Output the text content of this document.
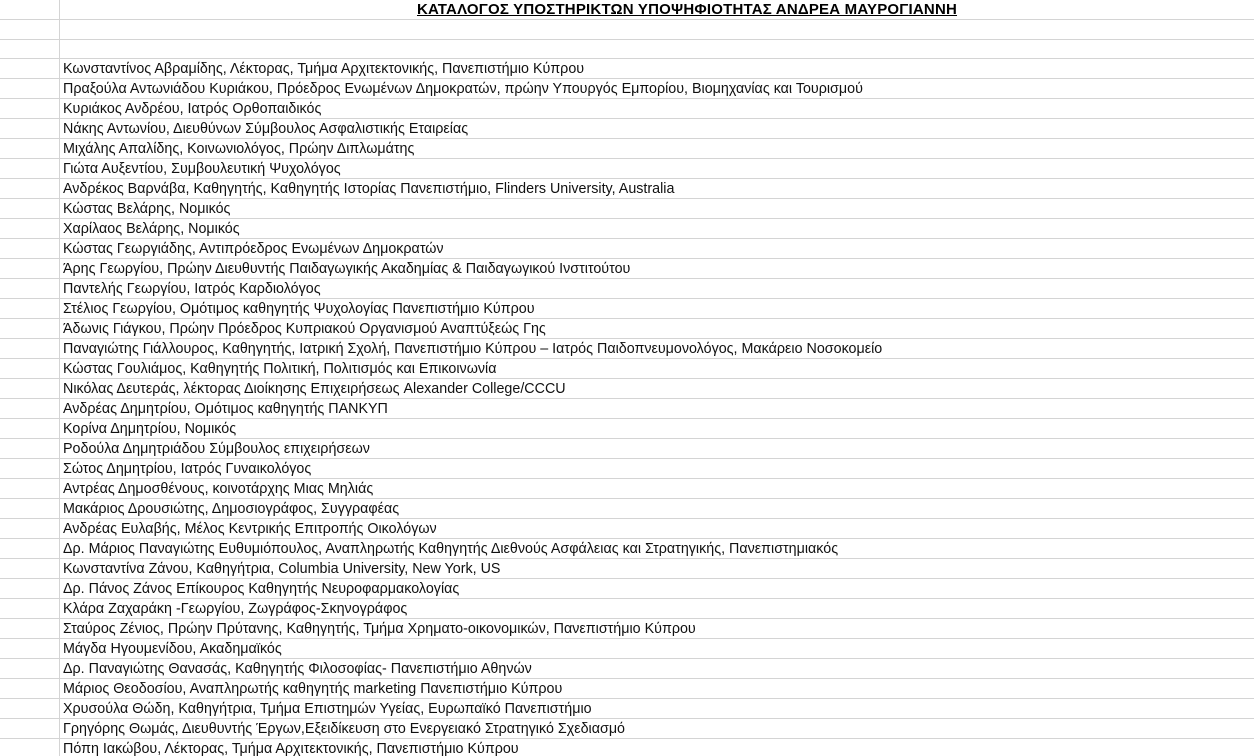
ΚΑΤΑΛΟΓΟΣ ΥΠΟΣΤΗΡΙΚΤΩΝ ΥΠΟΨΗΦΙΟΤΗΤΑΣ ΑΝΔΡΕΑ ΜΑΥΡΟΓΙΑΝΝΗ
Κωνσταντίνος Αβραμίδης, Λέκτορας, Τμήμα Αρχιτεκτονικής, Πανεπιστήμιο Κύπρου
Πραξούλα Αντωνιάδου Κυριάκου, Πρόεδρος Ενωμένων Δημοκρατών, πρώην Υπουργός Εμπορίου, Βιομηχανίας και Τουρισμού
Κυριάκος Ανδρέου, Ιατρός Ορθοπαιδικός
Νάκης Αντωνίου, Διευθύνων Σύμβουλος Ασφαλιστικής Εταιρείας
Μιχάλης Απαλίδης, Κοινωνιολόγος, Πρώην Διπλωμάτης
Γιώτα Αυξεντίου, Συμβουλευτική Ψυχολόγος
Ανδρέκος Βαρνάβα, Καθηγητής, Καθηγητής Ιστορίας Πανεπιστήμιο, Flinders University, Australia
Κώστας Βελάρης, Νομικός
Χαρίλαος Βελάρης, Νομικός
Κώστας Γεωργιάδης, Αντιπρόεδρος Ενωμένων Δημοκρατών
Άρης Γεωργίου, Πρώην Διευθυντής Παιδαγωγικής Ακαδημίας & Παιδαγωγικού Ινστιτούτου
Παντελής Γεωργίου, Ιατρός Καρδιολόγος
Στέλιος Γεωργίου, Ομότιμος καθηγητής Ψυχολογίας Πανεπιστήμιο Κύπρου
Άδωνις Γιάγκου, Πρώην Πρόεδρος Κυπριακού Οργανισμού Αναπτύξεώς Γης
Παναγιώτης Γιάλλουρος, Καθηγητής, Ιατρική Σχολή, Πανεπιστήμιο Κύπρου – Ιατρός Παιδοπνευμονολόγος, Μακάρειο Νοσοκομείο
Κώστας Γουλιάμος, Καθηγητής Πολιτική, Πολιτισμός και Επικοινωνία
Νικόλας Δευτεράς, λέκτορας Διοίκησης Επιχειρήσεως Alexander College/CCCU
Ανδρέας Δημητρίου, Ομότιμος καθηγητής ΠΑΝΚΥΠ
Κορίνα Δημητρίου, Νομικός
Ροδούλα Δημητριάδου Σύμβουλος επιχειρήσεων
Σώτος Δημητρίου, Ιατρός Γυναικολόγος
Αντρέας Δημοσθένους, κοινοτάρχης Μιας Μηλιάς
Μακάριος Δρουσιώτης, Δημοσιογράφος, Συγγραφέας
Ανδρέας Ευλαβής, Μέλος Κεντρικής Επιτροπής Οικολόγων
Δρ. Μάριος Παναγιώτης Ευθυμιόπουλος, Αναπληρωτής Καθηγητής Διεθνούς Ασφάλειας και Στρατηγικής, Πανεπιστημιακός
Κωνσταντίνα Ζάνου, Καθηγήτρια, Columbia University, New York, US
Δρ. Πάνος Ζάνος Επίκουρος Καθηγητής Νευροφαρμακολογίας
Κλάρα Ζαχαράκη -Γεωργίου, Ζωγράφος-Σκηνογράφος
Σταύρος Ζένιος, Πρώην Πρύτανης, Καθηγητής, Τμήμα Χρηματο-οικονομικών, Πανεπιστήμιο Κύπρου
Μάγδα Ηγουμενίδου, Ακαδημαϊκός
Δρ. Παναγιώτης Θανασάς, Καθηγητής Φιλοσοφίας- Πανεπιστήμιο Αθηνών
Μάριος Θεοδοσίου, Αναπληρωτής καθηγητής marketing Πανεπιστήμιο Κύπρου
Χρυσούλα Θώδη, Καθηγήτρια, Τμήμα Επιστημών Υγείας, Ευρωπαϊκό Πανεπιστήμιο
Γρηγόρης Θωμάς, Διευθυντής Έργων,Εξειδίκευση στο Ενεργειακό Στρατηγικό Σχεδιασμό
Πόπη Ιακώβου, Λέκτορας, Τμήμα Αρχιτεκτονικής, Πανεπιστήμιο Κύπρου
